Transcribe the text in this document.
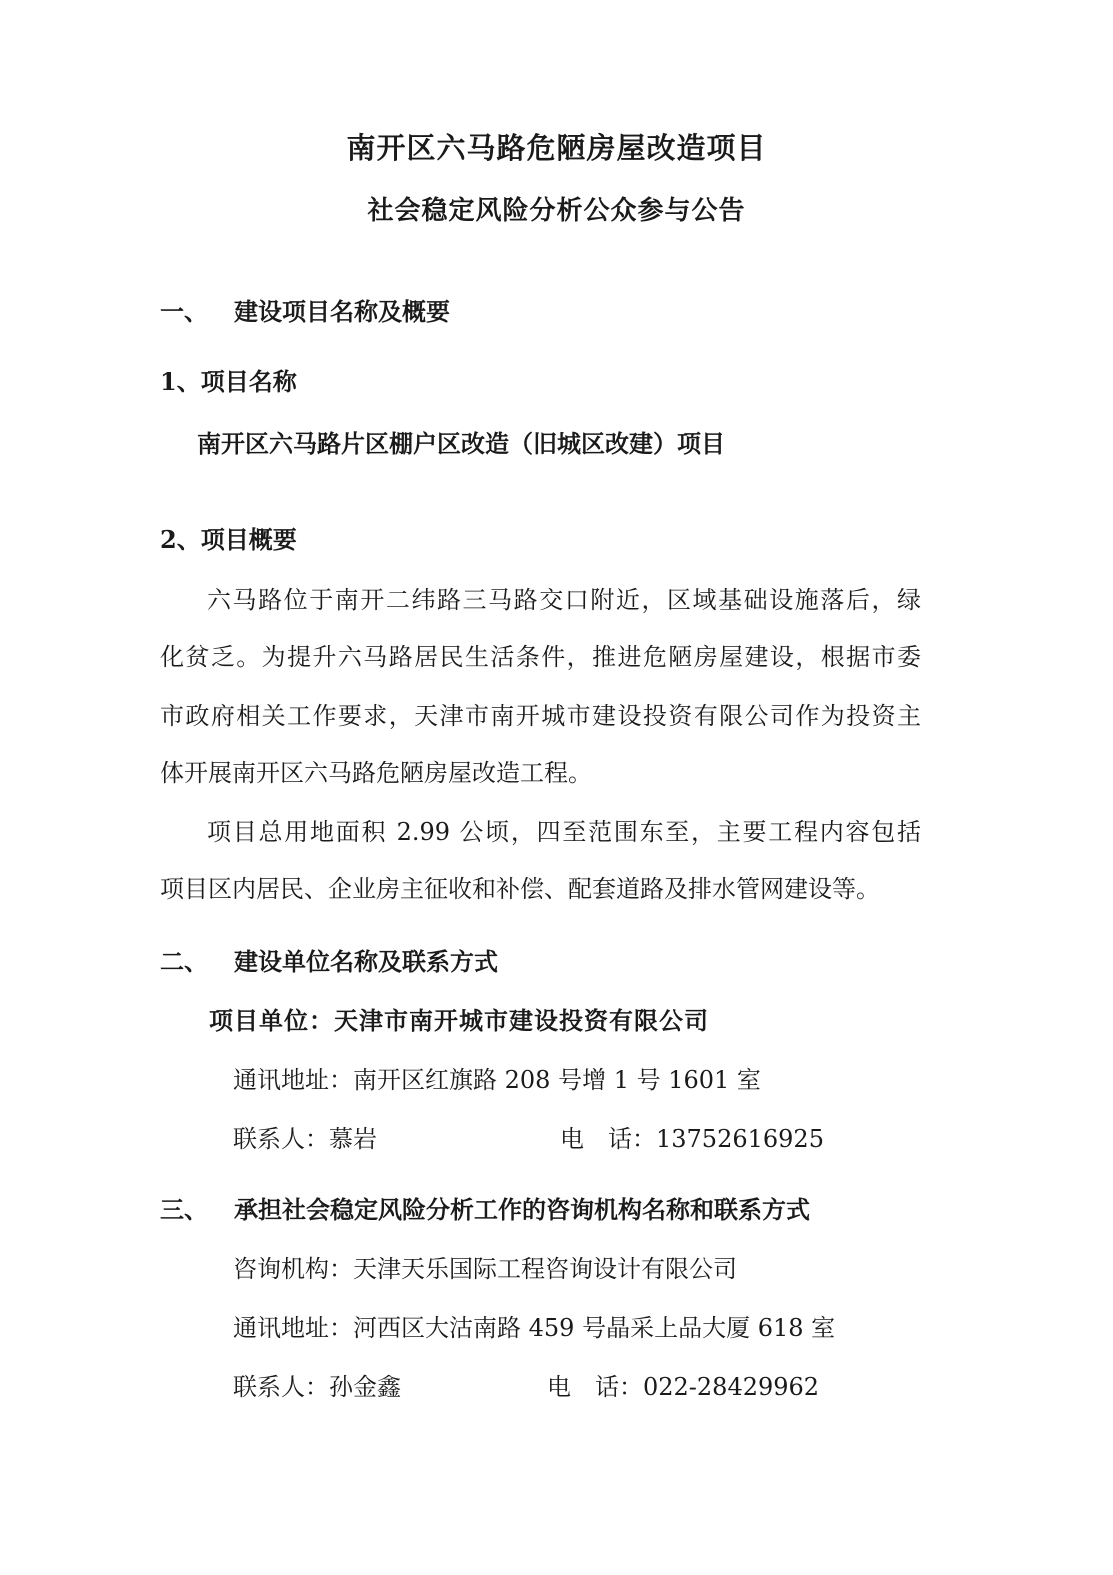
南开区六马路危陋房屋改造项目
社会稳定风险分析公众参与公告
一、 建设项目名称及概要
1、项目名称
南开区六马路片区棚户区改造（旧城区改建）项目
2、项目概要
六马路位于南开二纬路三马路交口附近，区域基础设施落后，绿
化贫乏。为提升六马路居民生活条件，推进危陋房屋建设，根据市委
市政府相关工作要求，天津市南开城市建设投资有限公司作为投资主
体开展南开区六马路危陋房屋改造工程。
项目总用地面积 2.99 公顷，四至范围东至，主要工程内容包括
项目区内居民、企业房主征收和补偿、配套道路及排水管网建设等。
二、 建设单位名称及联系方式
项目单位：天津市南开城市建设投资有限公司
通讯地址：南开区红旗路 208 号增 1 号 1601 室
联系人：慕岩	电　话：13752616925
三、 承担社会稳定风险分析工作的咨询机构名称和联系方式
咨询机构：天津天乐国际工程咨询设计有限公司
通讯地址：河西区大沽南路 459 号晶采上品大厦 618 室
联系人：孙金鑫	电　话：022-28429962
